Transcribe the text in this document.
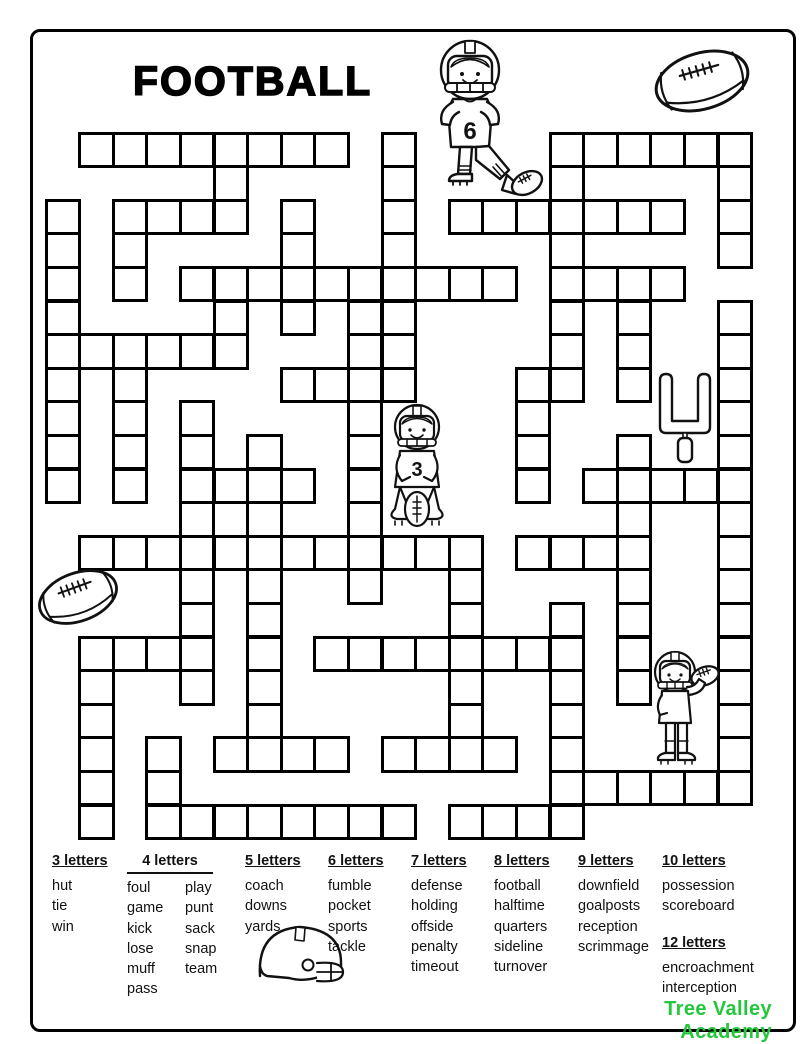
FOOTBALL
6
3
3 letters
hut
tie
win
4 letters
foul
game
kick
lose
muff
pass
play
punt
sack
snap
team
5 letters
coach
downs
yards
6 letters
fumble
pocket
sports
tackle
7 letters
defense
holding
offside
penalty
timeout
8 letters
football
halftime
quarters
sideline
turnover
9 letters
downfield
goalposts
reception
scrimmage
10 letters
possession
scoreboard
12 letters
encroachment
interception
Tree Valley Academy
